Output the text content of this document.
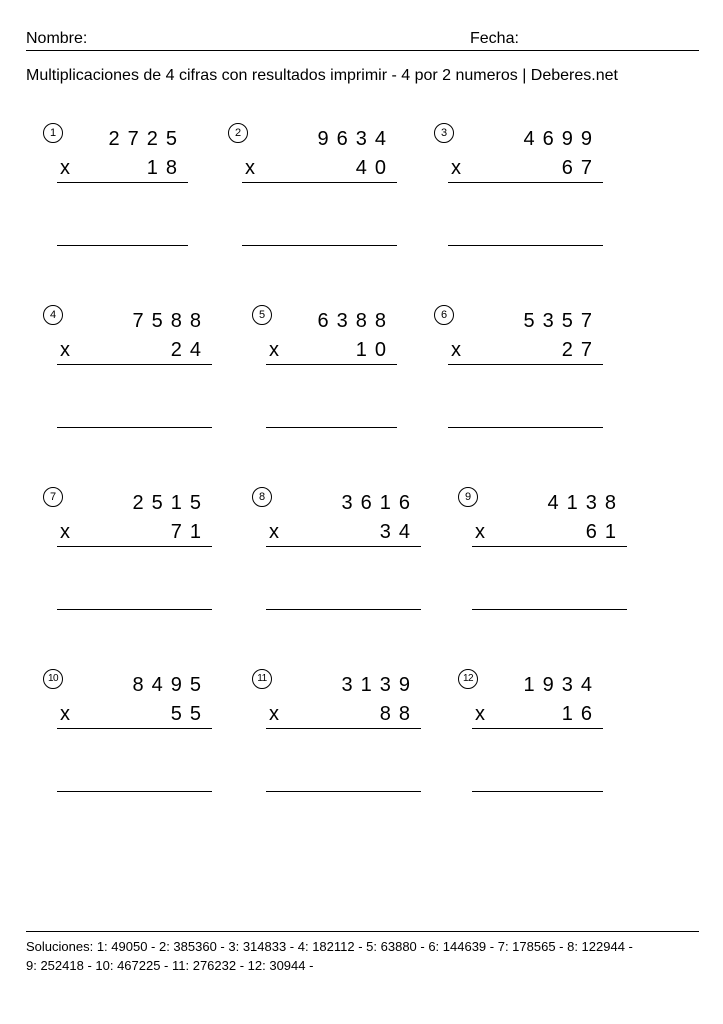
Nombre:	Fecha:
Multiplicaciones de 4 cifras con resultados imprimir - 4 por 2 numeros | Deberes.net
1	2725
x	18
2	9634
x	40
3	4699
x	67
4	7588
x	24
5	6388
x	10
6	5357
x	27
7	2515
x	71
8	3616
x	34
9	4138
x	61
10	8495
x	55
11	3139
x	88
12	1934
x	16
Soluciones: 1: 49050 - 2: 385360 - 3: 314833 - 4: 182112 - 5: 63880 - 6: 144639 - 7: 178565 - 8: 122944 -
9: 252418 - 10: 467225 - 11: 276232 - 12: 30944 -
